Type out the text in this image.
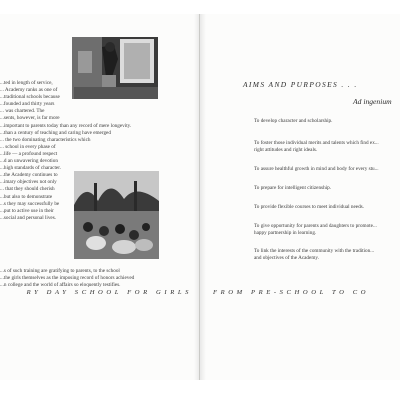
...ted in length of service,
... Academy ranks as one of
...traditional schools because
...founded and thirty years
... was chartered. The
...sents, however, is far more
...important to parents today than any record of mere longevity.
...than a century of teaching and caring have emerged
... the two dominating characteristics which
... school in every phase of
...life — a profound respect
...d an unwavering devotion
...high standards of character.
...the Academy continues to
...imary objectives not only
... that they should cherish
...but also to demonstrate
...s they may successfully be
...put to active use in their
...social and personal lives.
...s of such training are gratifying to parents, to the school
...the girls themselves as the imposing record of honors achieved
...n college and the world of affairs so eloquently testifies.
RY DAY SCHOOL FOR GIRLS
AIMS AND PURPOSES . . .
Ad ingenium
To develop character and scholarship.
To foster those individual merits and talents which find ex...
right attitudes and right ideals.
To assure healthful growth in mind and body for every stu...
To prepare for intelligent citizenship.
To provide flexible courses to meet individual needs.
To give opportunity for parents and daughters to promote...
happy partnership in learning.
To link the interests of the community with the tradition...
and objectives of the Academy.
FROM PRE-SCHOOL TO CO
